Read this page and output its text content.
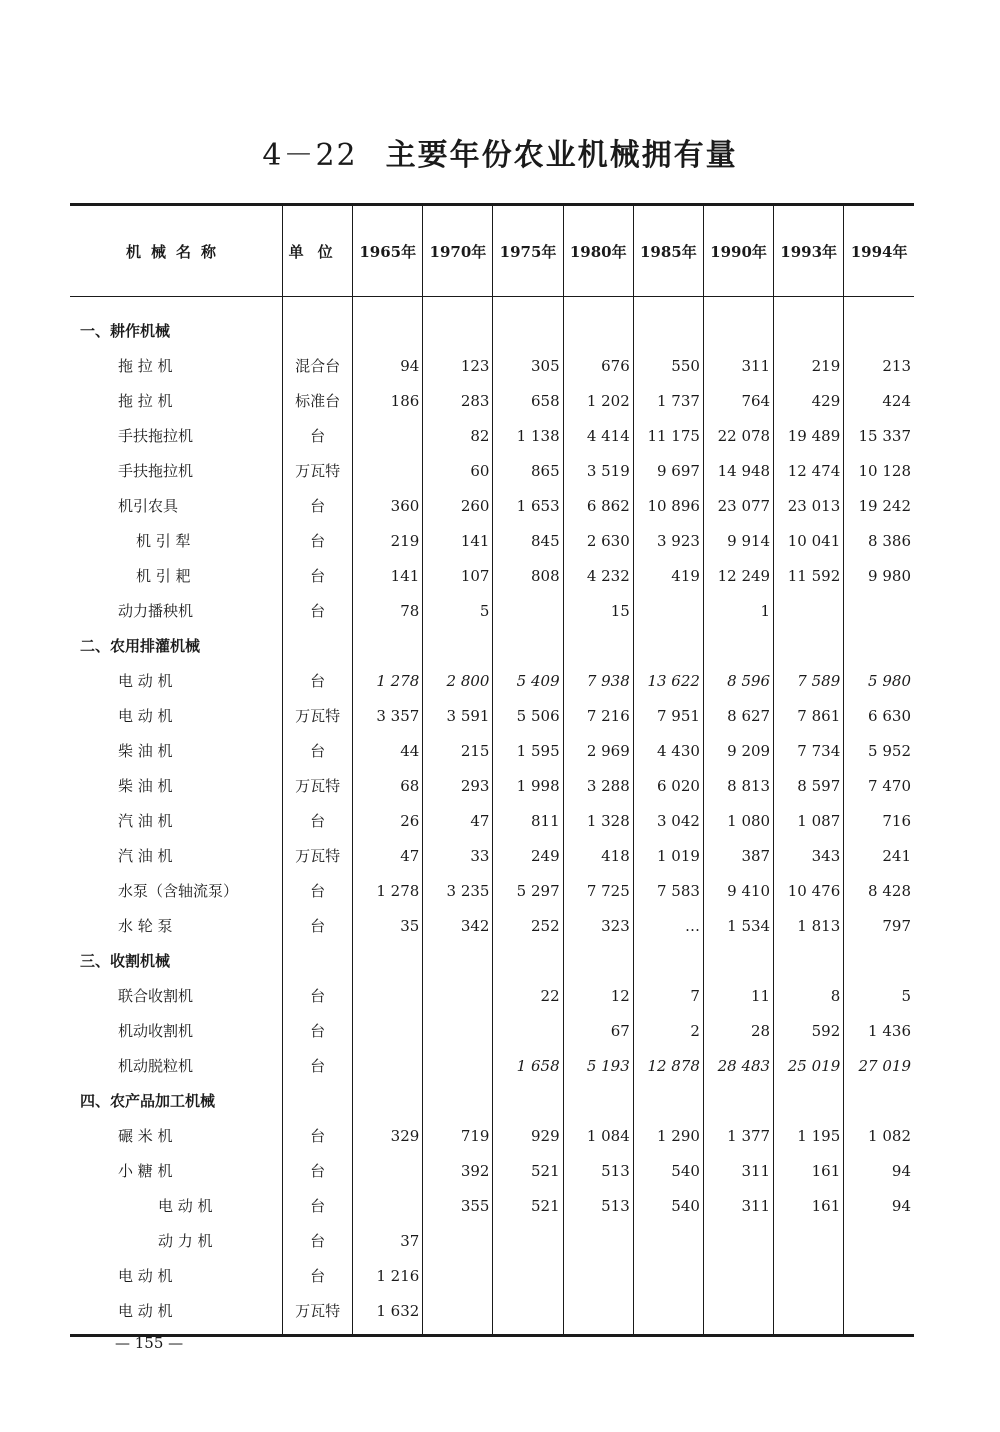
4－22 主要年份农业机械拥有量
机械名称	单位	1965年	1970年	1975年	1980年	1985年	1990年	1993年	1994年
一、耕作机械									
拖 拉 机	混合台	94	123	305	676	550	311	219	213
拖 拉 机	标准台	186	283	658	1 202	1 737	764	429	424
手扶拖拉机	台		82	1 138	4 414	11 175	22 078	19 489	15 337
手扶拖拉机	万瓦特		60	865	3 519	9 697	14 948	12 474	10 128
机引农具	台	360	260	1 653	6 862	10 896	23 077	23 013	19 242
机 引 犁	台	219	141	845	2 630	3 923	9 914	10 041	8 386
机 引 耙	台	141	107	808	4 232	419	12 249	11 592	9 980
动力播秧机	台	78	5		15		1		
二、农用排灌机械									
电 动 机	台	1 278	2 800	5 409	7 938	13 622	8 596	7 589	5 980
电 动 机	万瓦特	3 357	3 591	5 506	7 216	7 951	8 627	7 861	6 630
柴 油 机	台	44	215	1 595	2 969	4 430	9 209	7 734	5 952
柴 油 机	万瓦特	68	293	1 998	3 288	6 020	8 813	8 597	7 470
汽 油 机	台	26	47	811	1 328	3 042	1 080	1 087	716
汽 油 机	万瓦特	47	33	249	418	1 019	387	343	241
水泵（含轴流泵）	台	1 278	3 235	5 297	7 725	7 583	9 410	10 476	8 428
水 轮 泵	台	35	342	252	323	…	1 534	1 813	797
三、收割机械									
联合收割机	台			22	12	7	11	8	5
机动收割机	台				67	2	28	592	1 436
机动脱粒机	台			1 658	5 193	12 878	28 483	25 019	27 019
四、农产品加工机械									
碾 米 机	台	329	719	929	1 084	1 290	1 377	1 195	1 082
小 糖 机	台		392	521	513	540	311	161	94
电 动 机	台		355	521	513	540	311	161	94
动 力 机	台	37							
电 动 机	台	1 216							
电 动 机	万瓦特	1 632							
— 155 —
